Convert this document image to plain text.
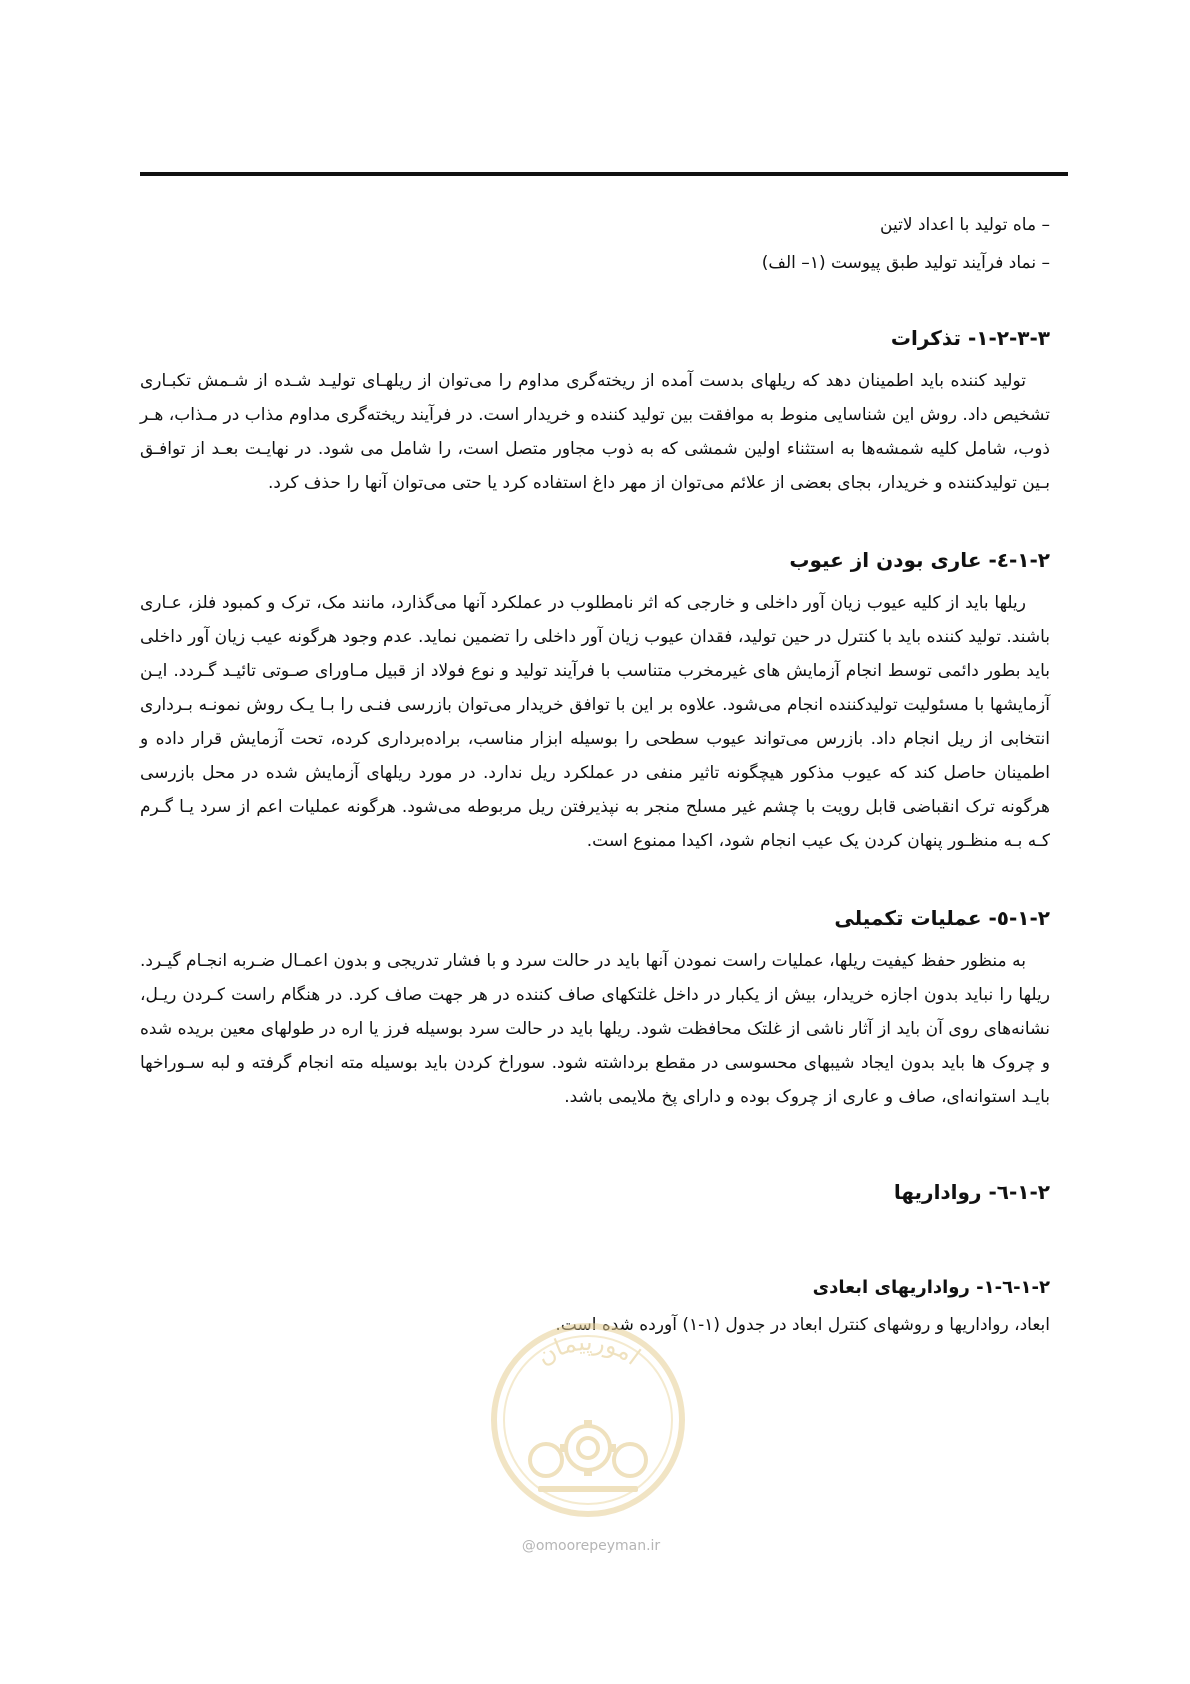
– ماه تولید با اعداد لاتین

– نماد فرآیند تولید طبق پیوست (۱– الف)

۱-۲-۳-۳- تذکرات

تولید کننده باید اطمینان دهد که ریلهای بدست آمده از ریخته‌گری مداوم را می‌توان از ریلهـای تولیـد شـده از شـمش تکبـاری تشخیص داد. روش این شناسایی منوط به موافقت بین تولید کننده و خریدار است. در فرآیند ریخته‌گری مداوم مذاب در مـذاب، هـر ذوب، شامل کلیه شمشه‌ها به استثناء اولین شمشی که به ذوب مجاور متصل است، را شامل می شود. در نهایـت بعـد از توافـق بـین تولیدکننده و خریدار، بجای بعضی از علائم می‌توان از مهر داغ استفاده کرد یا حتی می‌توان آنها را حذف کرد.

۱-۲-٤- عاری بودن از عیوب

ریلها باید از کلیه عیوب زیان آور داخلی و خارجی که اثر نامطلوب در عملکرد آنها می‌گذارد، مانند مک، ترک و کمبود فلز، عـاری باشند. تولید کننده باید با کنترل در حین تولید، فقدان عیوب زیان آور داخلی را تضمین نماید. عدم وجود هرگونه عیب زیان آور داخلی باید بطور دائمی توسط انجام آزمایش های غیرمخرب متناسب با فرآیند تولید و نوع فولاد از قبیل مـاورای صـوتی تائیـد گـردد. ایـن آزمایشها با مسئولیت تولیدکننده انجام می‌شود. علاوه بر این با توافق خریدار می‌توان بازرسی فنـی را بـا یـک روش نمونـه بـرداری انتخابی از ریل انجام داد. بازرس می‌تواند عیوب سطحی را بوسیله ابزار مناسب، براده‌برداری کرده، تحت آزمایش قرار داده و اطمینان حاصل کند که عیوب مذکور هیچگونه تاثیر منفی در عملکرد ریل ندارد. در مورد ریلهای آزمایش شده در محل بازرسی هرگونه ترک انقباضی قابل رویت با چشم غیر مسلح منجر به نپذیرفتن ریل مربوطه می‌شود. هرگونه عملیات اعم از سرد یـا گـرم کـه بـه منظـور پنهان کردن یک عیب انجام شود، اکیدا ممنوع است.

۱-۲-٥- عملیات تکمیلی

به منظور حفظ کیفیت ریلها، عملیات راست نمودن آنها باید در حالت سرد و با فشار تدریجی و بدون اعمـال ضـربه انجـام گیـرد. ریلها را نباید بدون اجازه خریدار، بیش از یکبار در داخل غلتکهای صاف کننده در هر جهت صاف کرد. در هنگام راست کـردن ریـل، نشانه‌های روی آن باید از آثار ناشی از غلتک محافظت شود. ریلها باید در حالت سرد بوسیله فرز یا اره در طولهای معین بریده شده و چروک ها باید بدون ایجاد شیبهای محسوسی در مقطع برداشته شود. سوراخ کردن باید بوسیله مته انجام گرفته و لبه سـوراخها بایـد استوانه‌ای، صاف و عاری از چروک بوده و دارای پخ ملایمی باشد.

۱-۲-٦- رواداریها
۱-۲-٦-۱- رواداریهای ابعادی

ابعاد، رواداریها و روشهای کنترل ابعاد در جدول (۱-۱) آورده شده است.

امورپیمان
@omoorepeyman.ir
